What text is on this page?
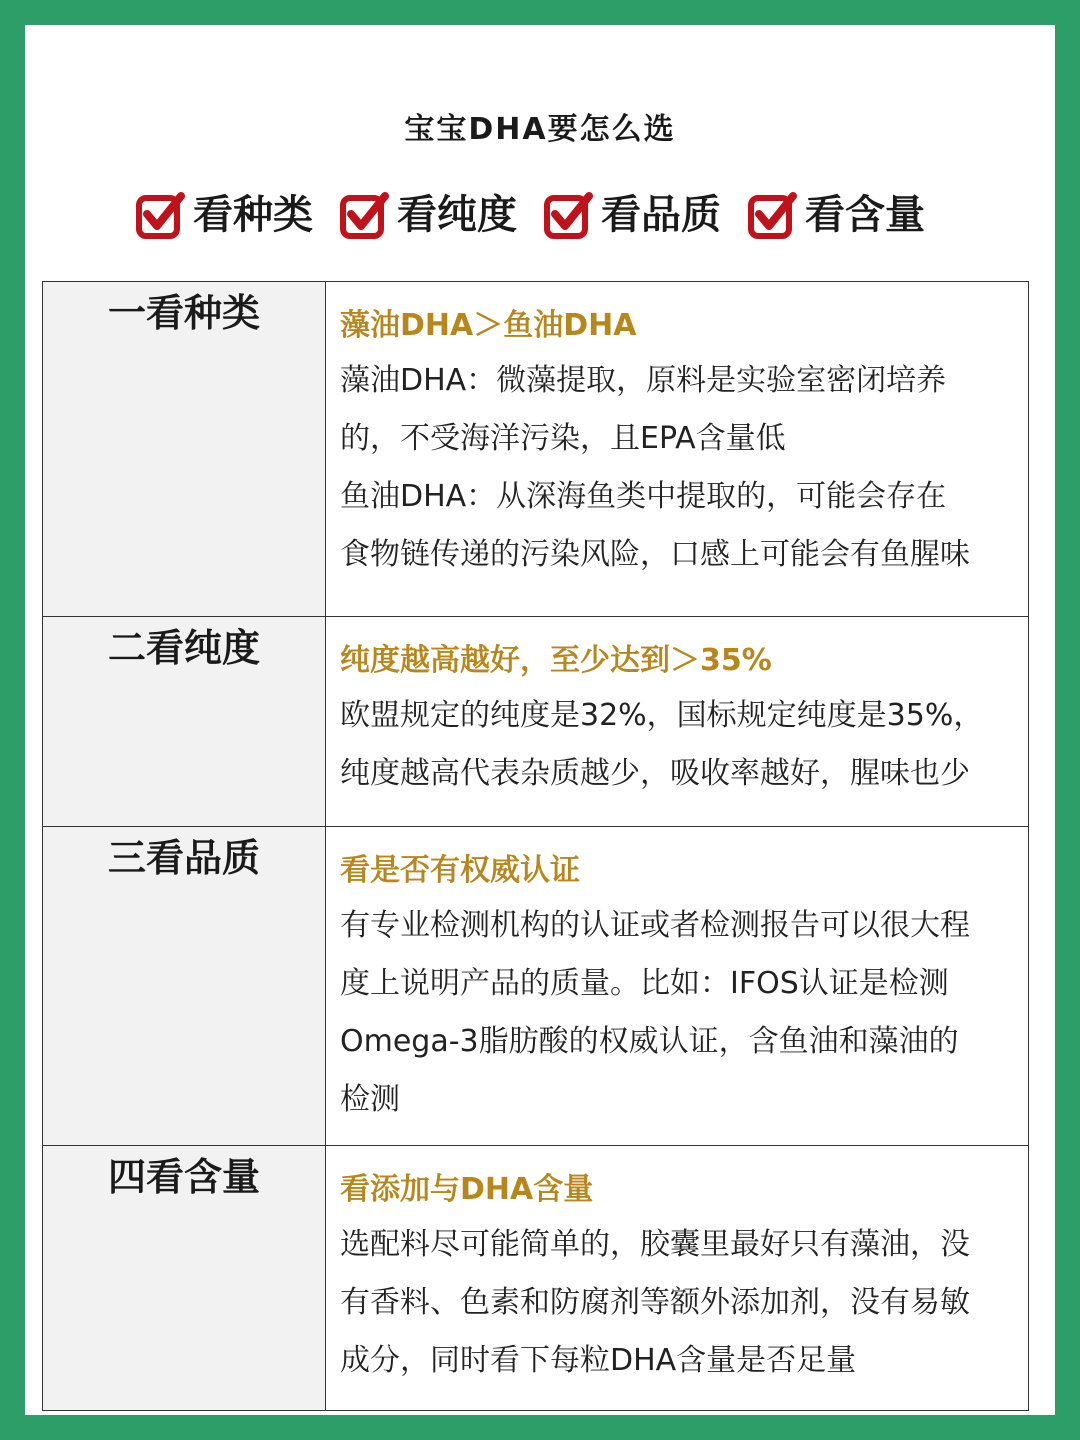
宝宝DHA要怎么选
看种类 看纯度 看品质 看含量
一看种类	藻油DHA＞鱼油DHA
藻油DHA：微藻提取，原料是实验室密闭培养
的，不受海洋污染，且EPA含量低
鱼油DHA：从深海鱼类中提取的，可能会存在
食物链传递的污染风险，口感上可能会有鱼腥味

二看纯度	纯度越高越好，至少达到＞35%
欧盟规定的纯度是32%，国标规定纯度是35%，
纯度越高代表杂质越少，吸收率越好，腥味也少

三看品质	看是否有权威认证
有专业检测机构的认证或者检测报告可以很大程
度上说明产品的质量。比如：IFOS认证是检测
Omega-3脂肪酸的权威认证，含鱼油和藻油的
检测

四看含量	看添加与DHA含量
选配料尽可能简单的，胶囊里最好只有藻油，没
有香料、色素和防腐剂等额外添加剂，没有易敏
成分，同时看下每粒DHA含量是否足量
